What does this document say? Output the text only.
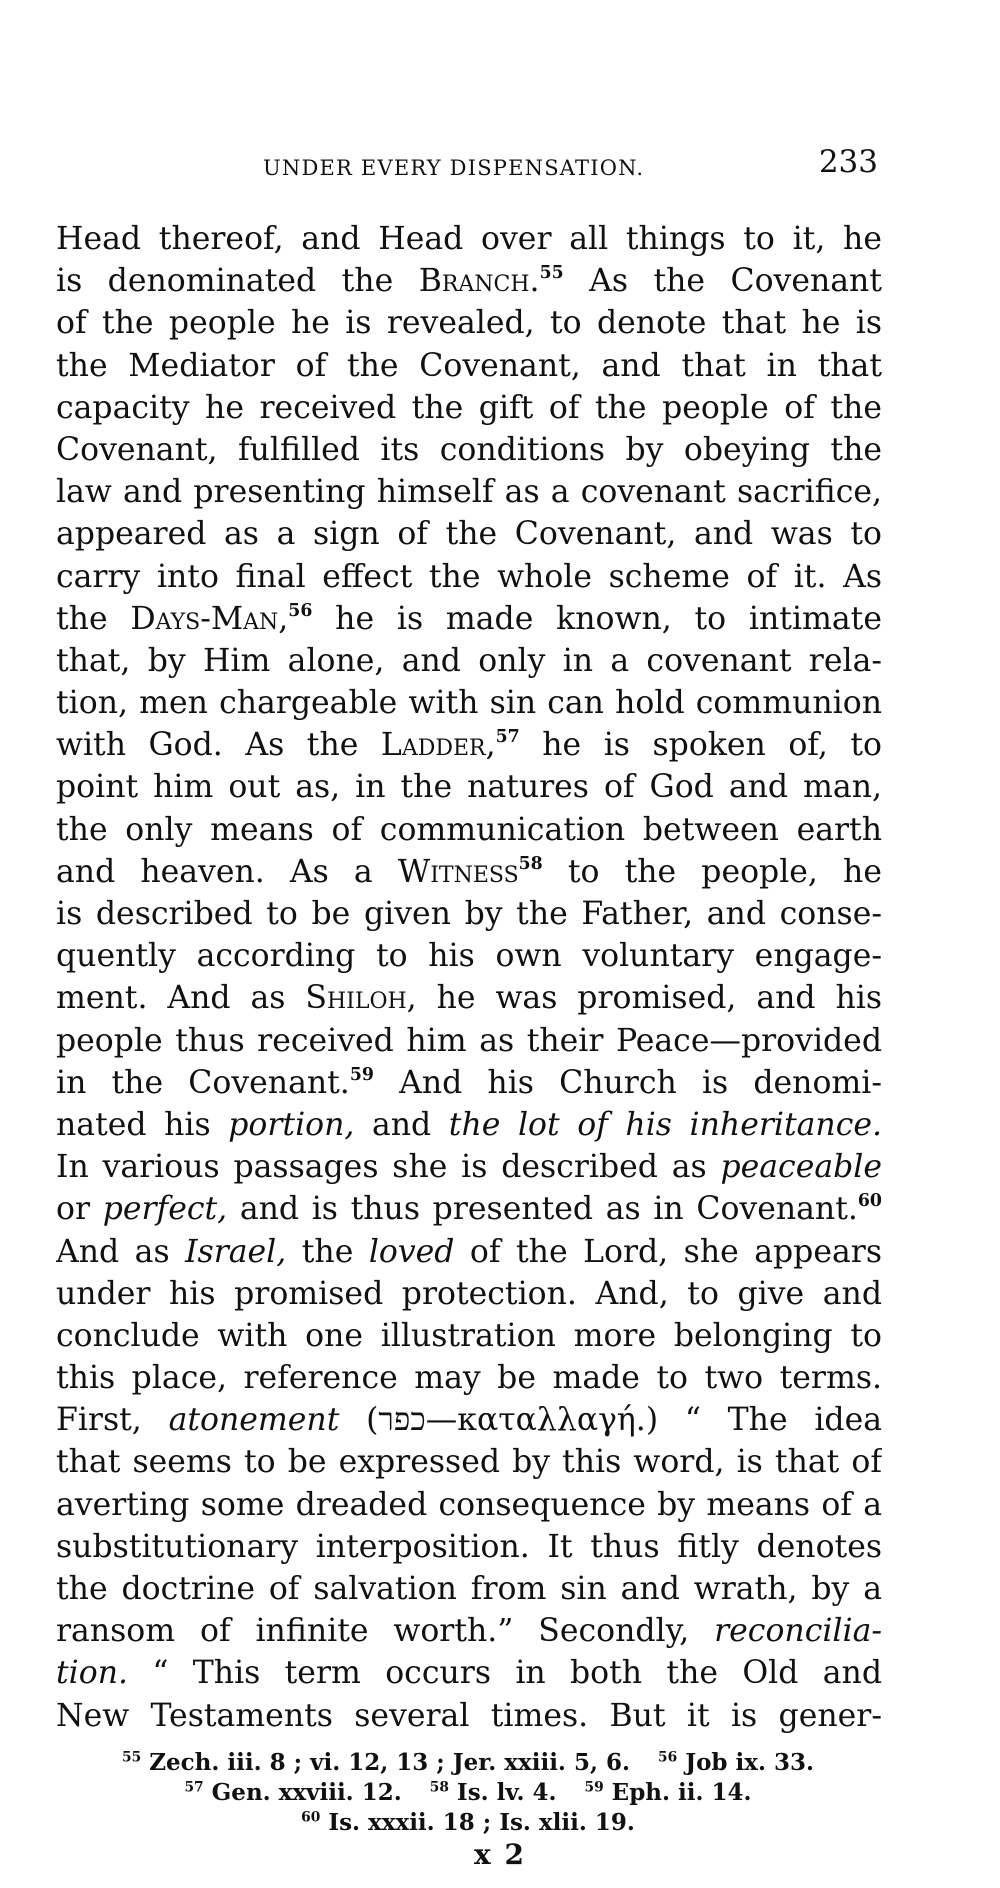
UNDER EVERY DISPENSATION.	233
Head thereof, and Head over all things to it, he
is denominated the Branch.$^{55}$ As the Covenant
of the people he is revealed, to denote that he is
the Mediator of the Covenant, and that in that
capacity he received the gift of the people of the
Covenant, fulfilled its conditions by obeying the
law and presenting himself as a covenant sacrifice,
appeared as a sign of the Covenant, and was to
carry into final effect the whole scheme of it. As
the Days-Man,$^{56}$ he is made known, to intimate
that, by Him alone, and only in a covenant rela-
tion, men chargeable with sin can hold communion
with God. As the Ladder,$^{57}$ he is spoken of, to
point him out as, in the natures of God and man,
the only means of communication between earth
and heaven. As a Witness$^{58}$ to the people, he
is described to be given by the Father, and conse-
quently according to his own voluntary engage-
ment. And as Shiloh, he was promised, and his
people thus received him as their Peace—provided
in the Covenant.$^{59}$ And his Church is denomi-
nated his portion, and the lot of his inheritance.
In various passages she is described as peaceable
or perfect, and is thus presented as in Covenant.$^{60}$
And as Israel, the loved of the Lord, she appears
under his promised protection. And, to give and
conclude with one illustration more belonging to
this place, reference may be made to two terms.
First, atonement (כפר—καταλλαγή.) “ The idea
that seems to be expressed by this word, is that of
averting some dreaded consequence by means of a
substitutionary interposition. It thus fitly denotes
the doctrine of salvation from sin and wrath, by a
ransom of infinite worth.” Secondly, reconcilia-
tion. “ This term occurs in both the Old and
New Testaments several times. But it is gener-
$^{55}$ Zech. iii. 8 ; vi. 12, 13 ; Jer. xxiii. 5, 6. $^{56}$ Job ix. 33.
$^{57}$ Gen. xxviii. 12. $^{58}$ Is. lv. 4. $^{59}$ Eph. ii. 14.
$^{60}$ Is. xxxii. 18 ; Is. xlii. 19.
x 2
